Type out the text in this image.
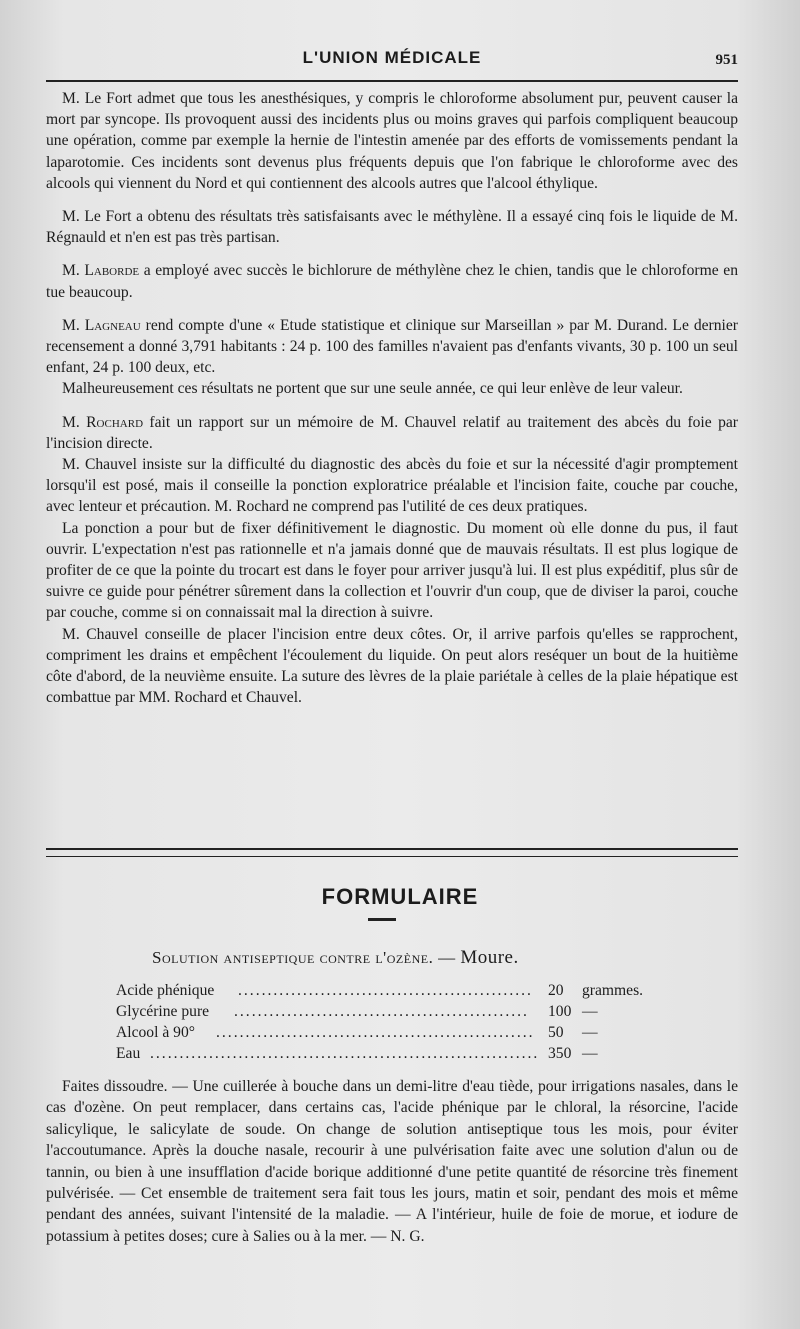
L'UNION MÉDICALE	951

M. Le Fort admet que tous les anesthésiques, y compris le chloroforme absolument pur, peuvent causer la mort par syncope. Ils provoquent aussi des incidents plus ou moins graves qui parfois compliquent beaucoup une opération, comme par exemple la hernie de l'intestin amenée par des efforts de vomissements pendant la laparotomie. Ces incidents sont devenus plus fréquents depuis que l'on fabrique le chloroforme avec des alcools qui viennent du Nord et qui contiennent des alcools autres que l'alcool éthylique.

M. Le Fort a obtenu des résultats très satisfaisants avec le méthylène. Il a essayé cinq fois le liquide de M. Régnauld et n'en est pas très partisan.

M. Laborde a employé avec succès le bichlorure de méthylène chez le chien, tandis que le chloroforme en tue beaucoup.

M. Lagneau rend compte d'une « Etude statistique et clinique sur Marseillan » par M. Durand. Le dernier recensement a donné 3,791 habitants : 24 p. 100 des familles n'avaient pas d'enfants vivants, 30 p. 100 un seul enfant, 24 p. 100 deux, etc.

Malheureusement ces résultats ne portent que sur une seule année, ce qui leur enlève de leur valeur.

M. Rochard fait un rapport sur un mémoire de M. Chauvel relatif au traitement des abcès du foie par l'incision directe.

M. Chauvel insiste sur la difficulté du diagnostic des abcès du foie et sur la nécessité d'agir promptement lorsqu'il est posé, mais il conseille la ponction exploratrice préalable et l'incision faite, couche par couche, avec lenteur et précaution. M. Rochard ne comprend pas l'utilité de ces deux pratiques.

La ponction a pour but de fixer définitivement le diagnostic. Du moment où elle donne du pus, il faut ouvrir. L'expectation n'est pas rationnelle et n'a jamais donné que de mauvais résultats. Il est plus logique de profiter de ce que la pointe du trocart est dans le foyer pour arriver jusqu'à lui. Il est plus expéditif, plus sûr de suivre ce guide pour pénétrer sûrement dans la collection et l'ouvrir d'un coup, que de diviser la paroi, couche par couche, comme si on connaissait mal la direction à suivre.

M. Chauvel conseille de placer l'incision entre deux côtes. Or, il arrive parfois qu'elles se rapprochent, compriment les drains et empêchent l'écoulement du liquide. On peut alors reséquer un bout de la huitième côte d'abord, de la neuvième ensuite. La suture des lèvres de la plaie pariétale à celles de la plaie hépatique est combattue par MM. Rochard et Chauvel.

FORMULAIRE
Solution antiseptique contre l'ozène. — Moure.
Acide phénique .................................................. 20 grammes.
Glycérine pure ..................................................	100 —
Alcool à 90° ...................................................... 50 —
Eau .................................................................. 350 —

Faites dissoudre. — Une cuillerée à bouche dans un demi-litre d'eau tiède, pour irrigations nasales, dans le cas d'ozène. On peut remplacer, dans certains cas, l'acide phénique par le chloral, la résorcine, l'acide salicylique, le salicylate de soude. On change de solution antiseptique tous les mois, pour éviter l'accoutumance. Après la douche nasale, recourir à une pulvérisation faite avec une solution d'alun ou de tannin, ou bien à une insufflation d'acide borique additionné d'une petite quantité de résorcine très finement pulvérisée. — Cet ensemble de traitement sera fait tous les jours, matin et soir, pendant des mois et même pendant des années, suivant l'intensité de la maladie. — A l'intérieur, huile de foie de morue, et iodure de potassium à petites doses; cure à Salies ou à la mer. — N. G.
